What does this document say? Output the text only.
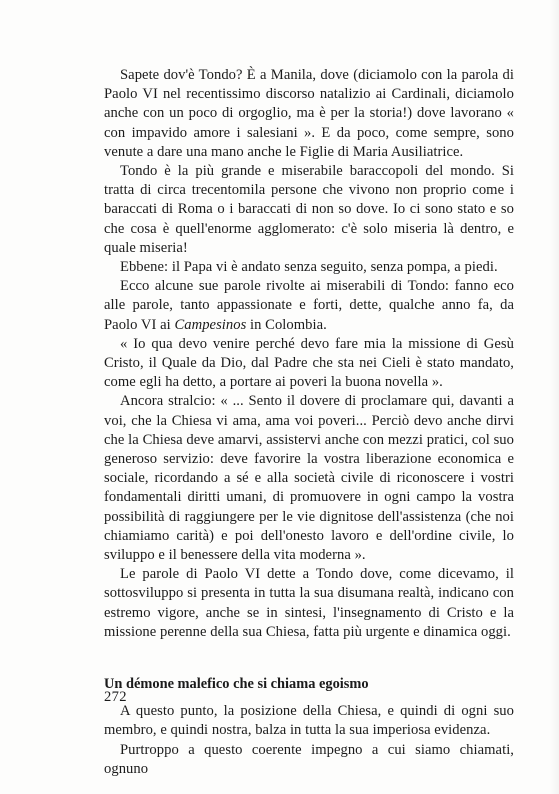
Sapete dov'è Tondo? È a Manila, dove (diciamolo con la parola di Paolo VI nel recentissimo discorso natalizio ai Cardinali, diciamolo anche con un poco di orgoglio, ma è per la storia!) dove lavorano « con impavido amore i salesiani ». E da poco, come sempre, sono venute a dare una mano anche le Figlie di Maria Ausiliatrice.

Tondo è la più grande e miserabile baraccopoli del mondo. Si tratta di circa trecentomila persone che vivono non proprio come i baraccati di Roma o i baraccati di non so dove. Io ci sono stato e so che cosa è quell'enorme agglomerato: c'è solo miseria là dentro, e quale miseria!

Ebbene: il Papa vi è andato senza seguito, senza pompa, a piedi.

Ecco alcune sue parole rivolte ai miserabili di Tondo: fanno eco alle parole, tanto appassionate e forti, dette, qualche anno fa, da Paolo VI ai Campesinos in Colombia.

« Io qua devo venire perché devo fare mia la missione di Gesù Cristo, il Quale da Dio, dal Padre che sta nei Cieli è stato mandato, come egli ha detto, a portare ai poveri la buona novella ».

Ancora stralcio: « ... Sento il dovere di proclamare qui, davanti a voi, che la Chiesa vi ama, ama voi poveri... Perciò devo anche dirvi che la Chiesa deve amarvi, assistervi anche con mezzi pratici, col suo generoso servizio: deve favorire la vostra liberazione economica e sociale, ricordando a sé e alla società civile di riconoscere i vostri fondamentali diritti umani, di promuovere in ogni campo la vostra possibilità di raggiungere per le vie dignitose dell'assistenza (che noi chiamiamo carità) e poi dell'onesto lavoro e dell'ordine civile, lo sviluppo e il benessere della vita moderna ».

Le parole di Paolo VI dette a Tondo dove, come dicevamo, il sottosviluppo si presenta in tutta la sua disumana realtà, indicano con estremo vigore, anche se in sintesi, l'insegnamento di Cristo e la missione perenne della sua Chiesa, fatta più urgente e dinamica oggi.

Un démone malefico che si chiama egoismo

A questo punto, la posizione della Chiesa, e quindi di ogni suo membro, e quindi nostra, balza in tutta la sua imperiosa evidenza.

Purtroppo a questo coerente impegno a cui siamo chiamati, ognuno

272
